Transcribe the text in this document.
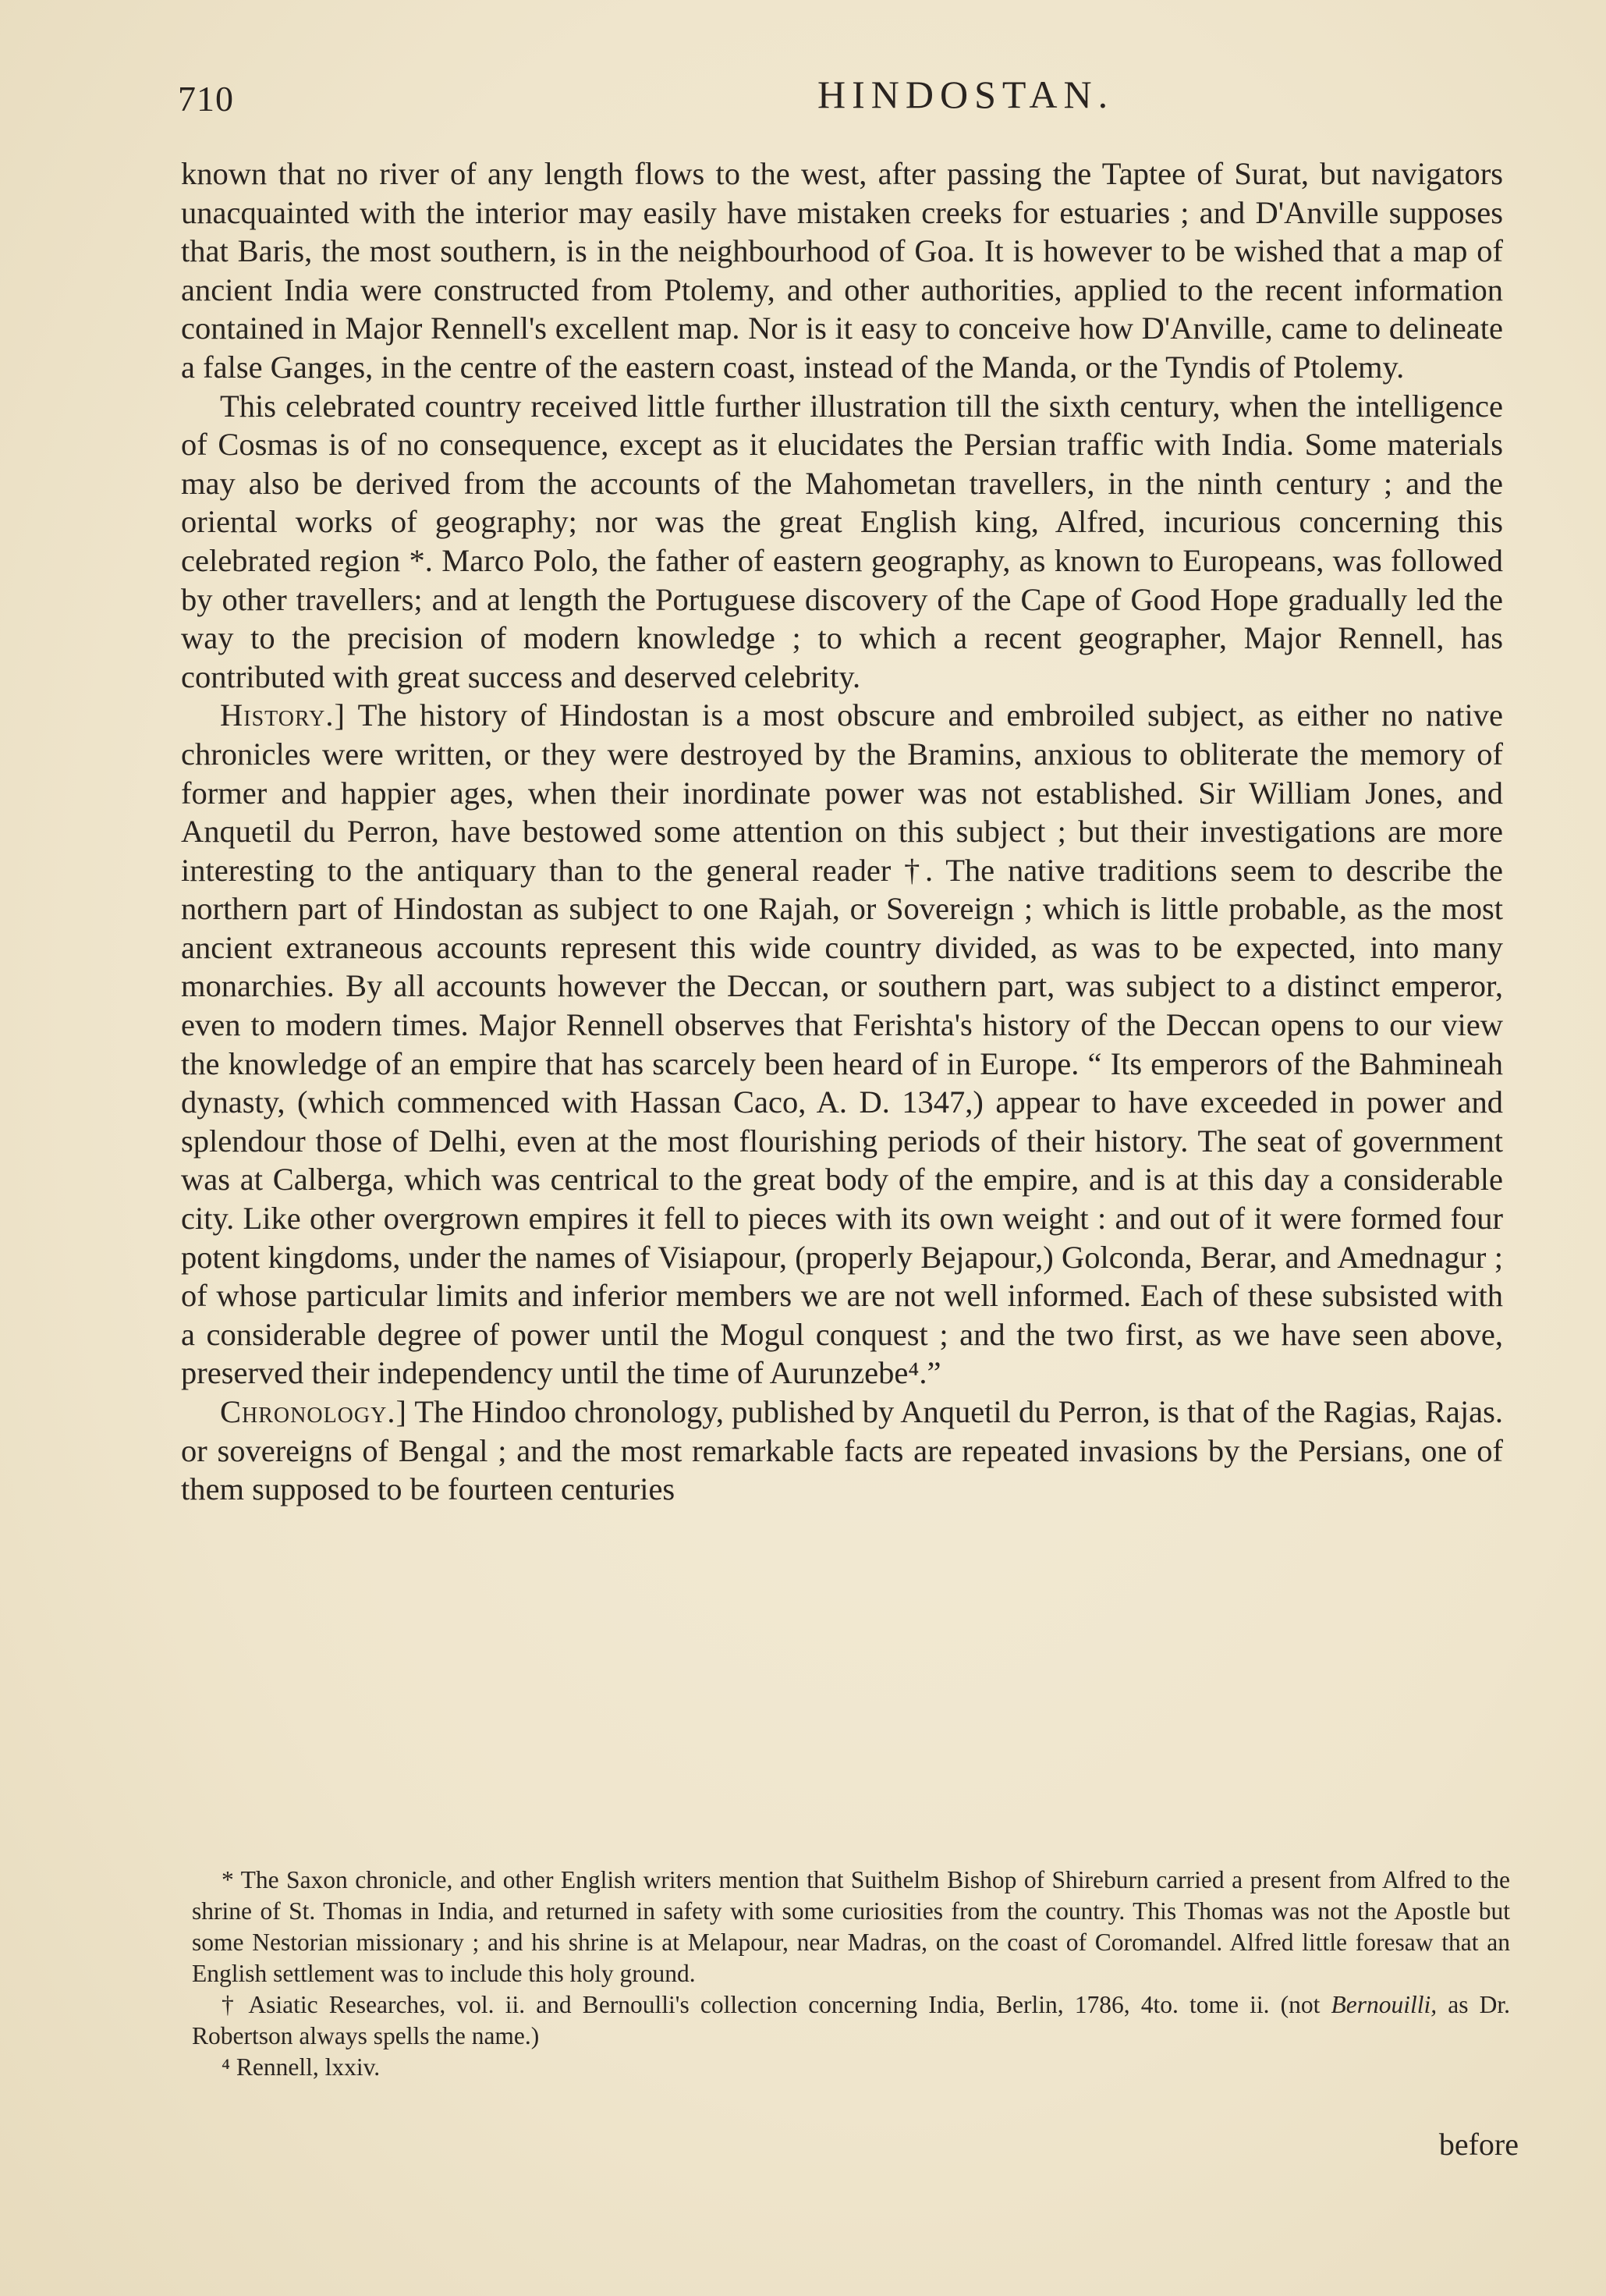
710	HINDOSTAN.

known that no river of any length flows to the west, after passing the Taptee of Surat, but navigators unacquainted with the interior may easily have mistaken creeks for estuaries ; and D'Anville supposes that Baris, the most southern, is in the neighbourhood of Goa. It is however to be wished that a map of ancient India were constructed from Ptolemy, and other authorities, applied to the recent information contained in Major Rennell's excellent map. Nor is it easy to conceive how D'Anville, came to delineate a false Ganges, in the centre of the eastern coast, instead of the Manda, or the Tyndis of Ptolemy.

This celebrated country received little further illustration till the sixth century, when the intelligence of Cosmas is of no consequence, except as it elucidates the Persian traffic with India. Some materials may also be derived from the accounts of the Mahometan travellers, in the ninth century ; and the oriental works of geography; nor was the great English king, Alfred, incurious concerning this celebrated region *. Marco Polo, the father of eastern geography, as known to Europeans, was followed by other travellers; and at length the Portuguese discovery of the Cape of Good Hope gradually led the way to the precision of modern knowledge ; to which a recent geographer, Major Rennell, has contributed with great success and deserved celebrity.

History.] The history of Hindostan is a most obscure and embroiled subject, as either no native chronicles were written, or they were destroyed by the Bramins, anxious to obliterate the memory of former and happier ages, when their inordinate power was not established. Sir William Jones, and Anquetil du Perron, have bestowed some attention on this subject ; but their investigations are more interesting to the antiquary than to the general reader †. The native traditions seem to describe the northern part of Hindostan as subject to one Rajah, or Sovereign ; which is little probable, as the most ancient extraneous accounts represent this wide country divided, as was to be expected, into many monarchies. By all accounts however the Deccan, or southern part, was subject to a distinct emperor, even to modern times. Major Rennell observes that Ferishta's history of the Deccan opens to our view the knowledge of an empire that has scarcely been heard of in Europe. “ Its emperors of the Bahmineah dynasty, (which commenced with Hassan Caco, A. D. 1347,) appear to have exceeded in power and splendour those of Delhi, even at the most flourishing periods of their history. The seat of government was at Calberga, which was centrical to the great body of the empire, and is at this day a considerable city. Like other overgrown empires it fell to pieces with its own weight : and out of it were formed four potent kingdoms, under the names of Visiapour, (properly Bejapour,) Golconda, Berar, and Amednagur ; of whose particular limits and inferior members we are not well informed. Each of these subsisted with a considerable degree of power until the Mogul conquest ; and the two first, as we have seen above, preserved their independency until the time of Aurunzebe⁴.”

Chronology.] The Hindoo chronology, published by Anquetil du Perron, is that of the Ragias, Rajas. or sovereigns of Bengal ; and the most remarkable facts are repeated invasions by the Persians, one of them supposed to be fourteen centuries

* The Saxon chronicle, and other English writers mention that Suithelm Bishop of Shireburn carried a present from Alfred to the shrine of St. Thomas in India, and returned in safety with some curiosities from the country. This Thomas was not the Apostle but some Nestorian missionary ; and his shrine is at Melapour, near Madras, on the coast of Coromandel. Alfred little foresaw that an English settlement was to include this holy ground.

† Asiatic Researches, vol. ii. and Bernoulli's collection concerning India, Berlin, 1786, 4to. tome ii. (not Bernouilli, as Dr. Robertson always spells the name.)

⁴ Rennell, lxxiv.

before
